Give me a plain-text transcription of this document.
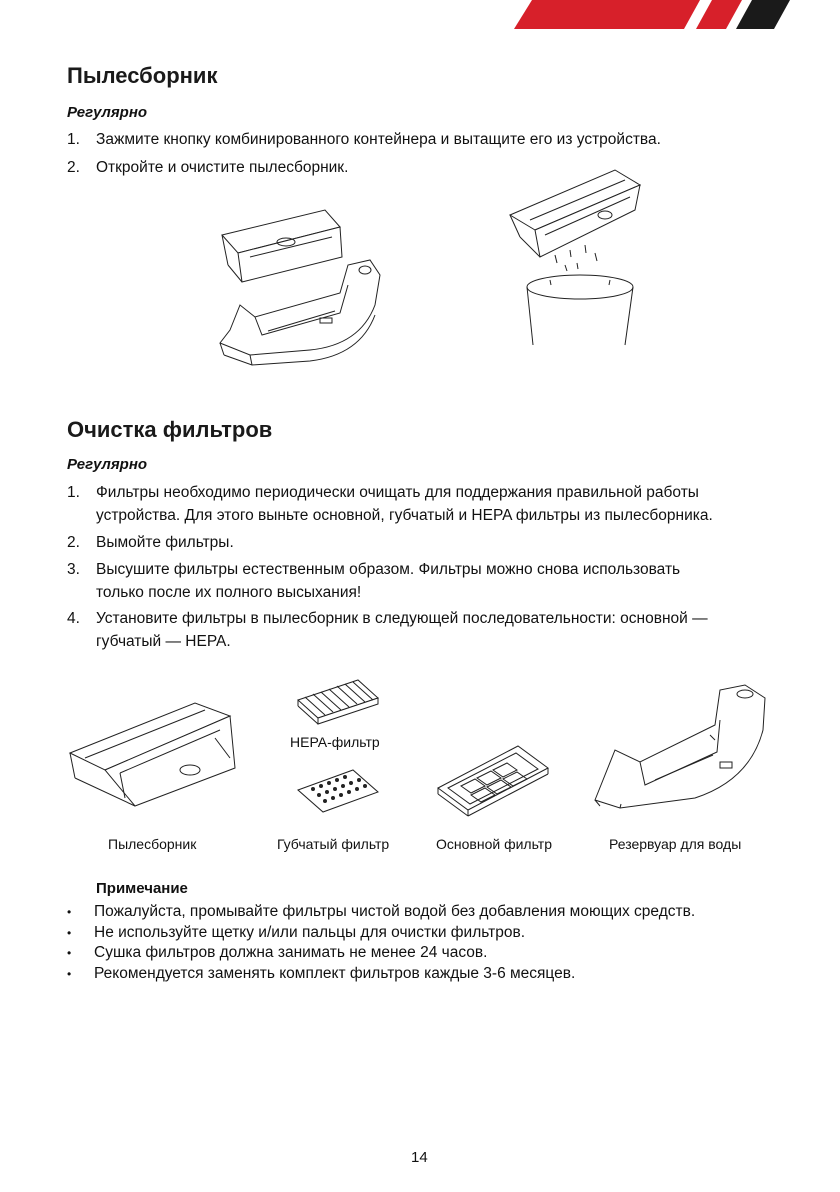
Пылесборник
Регулярно
1. Зажмите кнопку комбинированного контейнера и вытащите его из устройства.
2. Откройте и очистите пылесборник.
Очистка фильтров
Регулярно
1. Фильтры необходимо периодически очищать для поддержания правильной работы
устройства. Для этого выньте основной, губчатый и HEPA фильтры из пылесборника.
2. Вымойте фильтры.
3. Высушите фильтры естественным образом. Фильтры можно снова использовать
только после их полного высыхания!
4. Установите фильтры в пылесборник в следующей последовательности: основной —
губчатый — HEPA.
HEPA-фильтр
Пылесборник	Губчатый фильтр	Основной фильтр	Резервуар для воды
Примечание
• Пожалуйста, промывайте фильтры чистой водой без добавления моющих средств.
• Не используйте щетку и/или пальцы для очистки фильтров.
• Сушка фильтров должна занимать не менее 24 часов.
• Рекомендуется заменять комплект фильтров каждые 3-6 месяцев.
14
